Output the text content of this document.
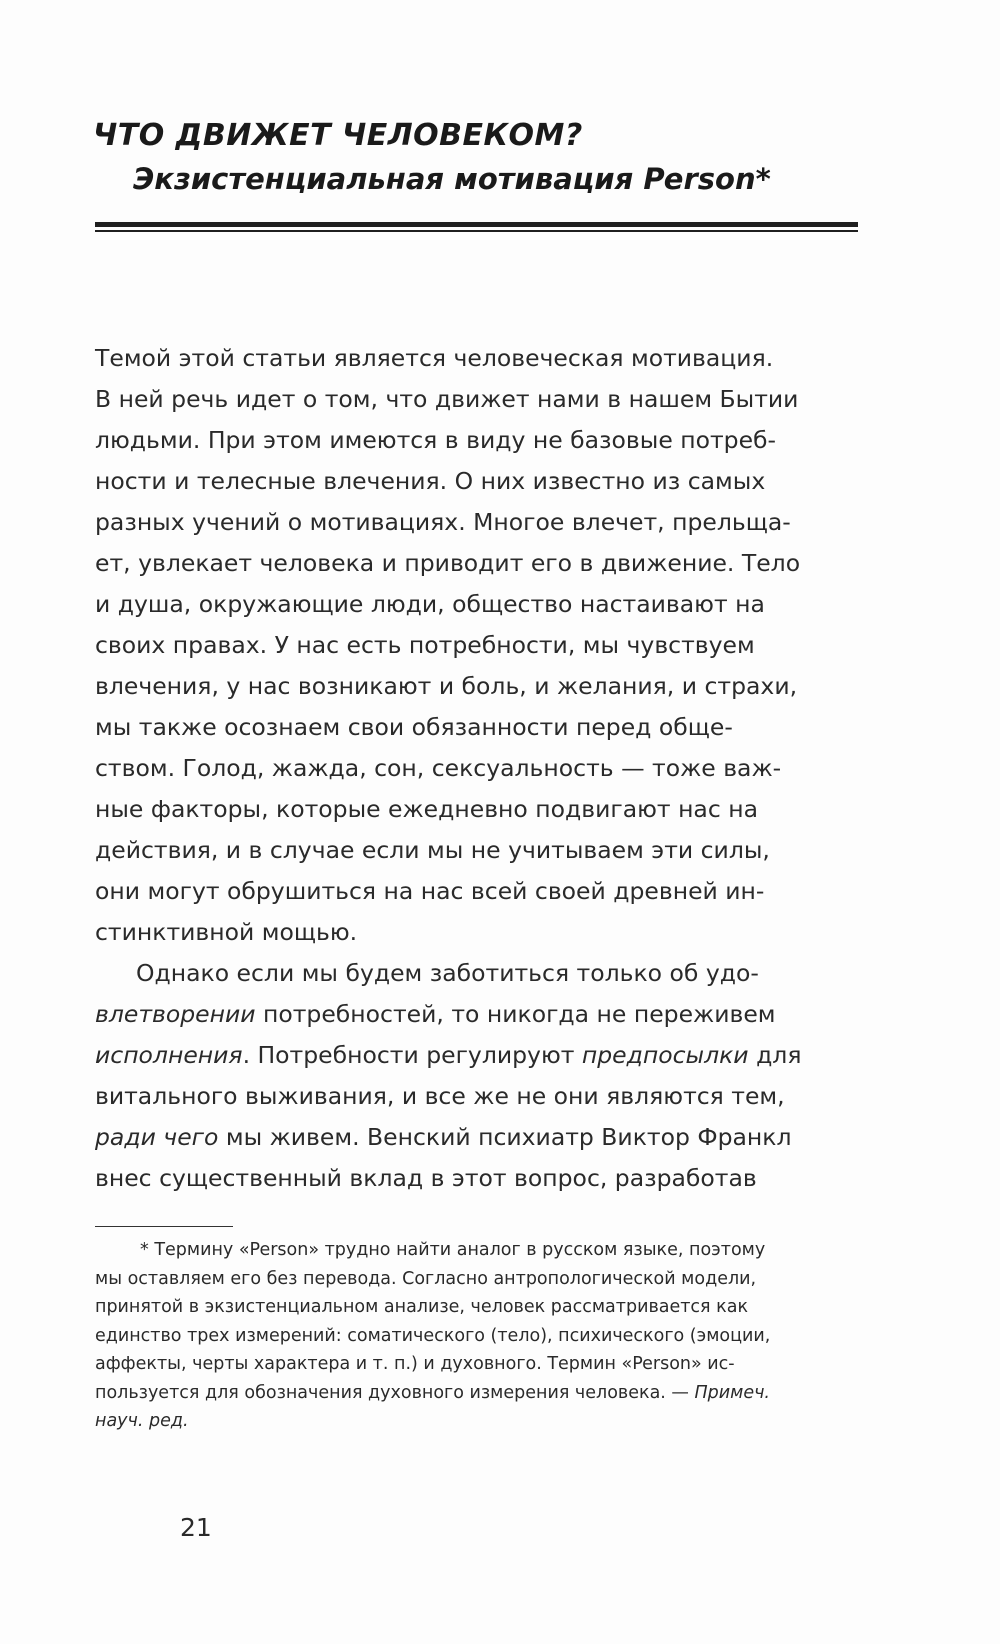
ЧТО ДВИЖЕТ ЧЕЛОВЕКОМ?
Экзистенциальная мотивация Person*
Темой этой статьи является человеческая мотивация.
В ней речь идет о том, что движет нами в нашем Бытии
людьми. При этом имеются в виду не базовые потреб-
ности и телесные влечения. О них известно из самых
разных учений о мотивациях. Многое влечет, прельща-
ет, увлекает человека и приводит его в движение. Тело
и душа, окружающие люди, общество настаивают на
своих правах. У нас есть потребности, мы чувствуем
влечения, у нас возникают и боль, и желания, и страхи,
мы также осознаем свои обязанности перед обще-
ством. Голод, жажда, сон, сексуальность — тоже важ-
ные факторы, которые ежедневно подвигают нас на
действия, и в случае если мы не учитываем эти силы,
они могут обрушиться на нас всей своей древней ин-
стинктивной мощью.
Однако если мы будем заботиться только об удо-
влетворении потребностей, то никогда не переживем
исполнения. Потребности регулируют предпосылки для
витального выживания, и все же не они являются тем,
ради чего мы живем. Венский психиатр Виктор Франкл
внес существенный вклад в этот вопрос, разработав
* Термину «Person» трудно найти аналог в русском языке, поэтому
мы оставляем его без перевода. Согласно антропологической модели,
принятой в экзистенциальном анализе, человек рассматривается как
единство трех измерений: соматического (тело), психического (эмоции,
аффекты, черты характера и т. п.) и духовного. Термин «Person» ис-
пользуется для обозначения духовного измерения человека. — Примеч.
науч. ред.
21
